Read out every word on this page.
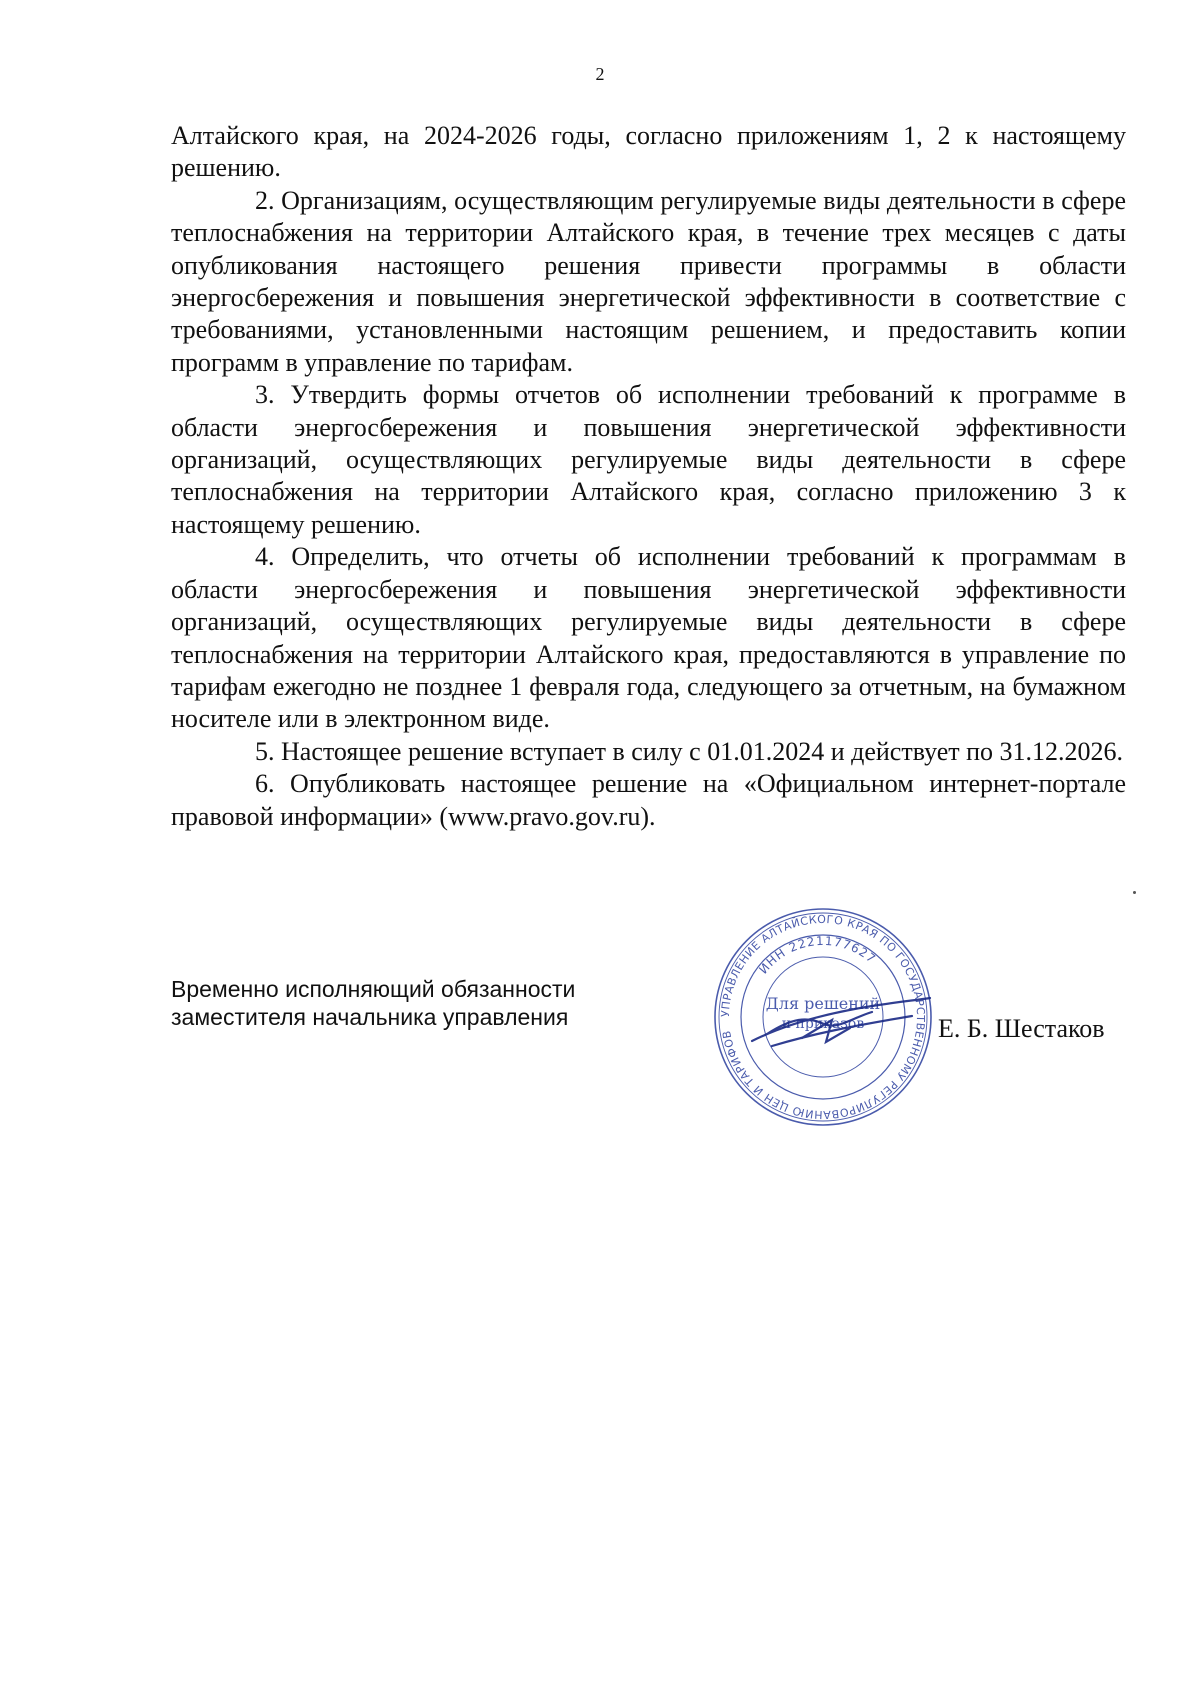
2

Алтайского края, на 2024-2026 годы, согласно приложениям 1, 2 к настоящему решению.

2. Организациям, осуществляющим регулируемые виды деятельности в сфере теплоснабжения на территории Алтайского края, в течение трех месяцев с даты опубликования настоящего решения привести программы в области энергосбережения и повышения энергетической эффективности в соответствие с требованиями, установленными настоящим решением, и предоставить копии программ в управление по тарифам.

3. Утвердить формы отчетов об исполнении требований к программе в области энергосбережения и повышения энергетической эффективности организаций, осуществляющих регулируемые виды деятельности в сфере теплоснабжения на территории Алтайского края, согласно приложению 3 к настоящему решению.

4. Определить, что отчеты об исполнении требований к программам в области энергосбережения и повышения энергетической эффективности организаций, осуществляющих регулируемые виды деятельности в сфере теплоснабжения на территории Алтайского края, предоставляются в управление по тарифам ежегодно не позднее 1 февраля года, следующего за отчетным, на бумажном носителе или в электронном виде.

5. Настоящее решение вступает в силу с 01.01.2024 и действует по 31.12.2026.

6. Опубликовать настоящее решение на «Официальном интернет-портале правовой информации» (www.pravo.gov.ru).

Временно исполняющий обязанности
заместителя начальника управления	УПРАВЛЕНИЕ АЛТАЙСКОГО КРАЯ ПО ГОСУДАРСТВЕННОМУ РЕГУЛИРОВАНИЮ ЦЕН И ТАРИФОВ
ИНН 2221177627
Для решений
и приказов	Е. Б. Шестаков
